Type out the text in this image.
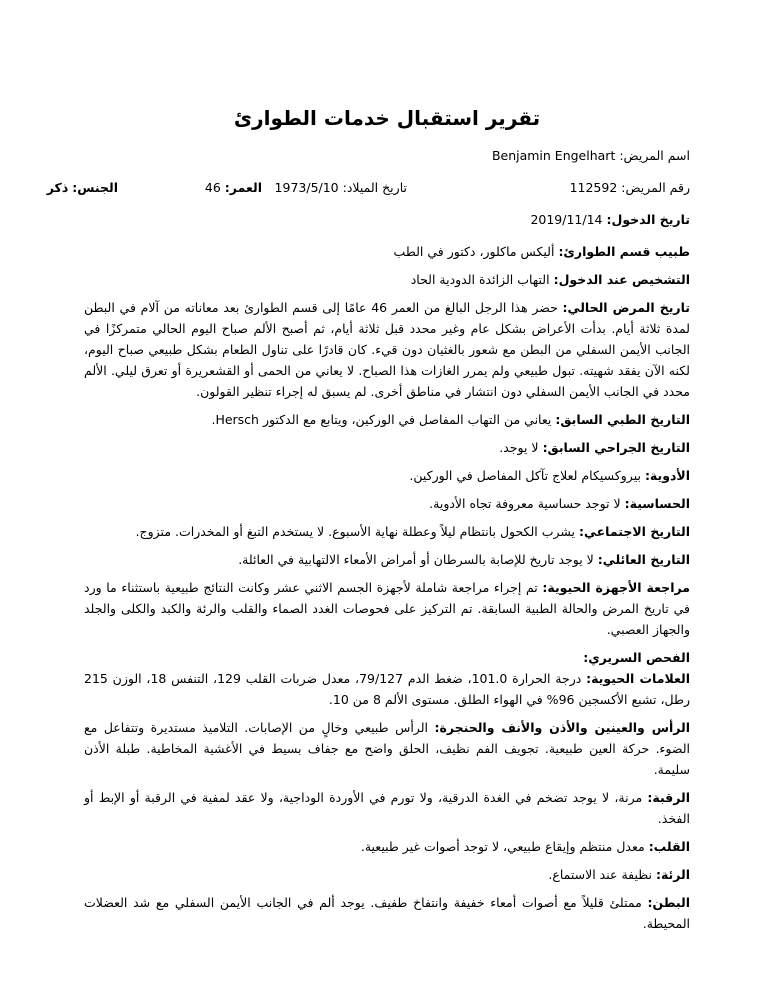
تقرير استقبال خدمات الطوارئ

اسم المريض: Benjamin Engelhart

رقم المريض: 112592
تاريخ الميلاد: 1973/5/10
العمر: 46
الجنس: ذكر

تاريخ الدخول: 2019/11/14

طبيب قسم الطوارئ: أليكس ماكلور، دكتور في الطب

التشخيص عند الدخول: التهاب الزائدة الدودية الحاد

تاريخ المرض الحالي: حضر هذا الرجل البالغ من العمر 46 عامًا إلى قسم الطوارئ بعد معاناته من آلام في البطن لمدة ثلاثة أيام. بدأت الأعراض بشكل عام وغير محدد قبل ثلاثة أيام، ثم أصبح الألم صباح اليوم الحالي متمركزًا في الجانب الأيمن السفلي من البطن مع شعور بالغثيان دون قيء. كان قادرًا على تناول الطعام بشكل طبيعي صباح اليوم، لكنه الآن يفقد شهيته. تبول طبيعي ولم يمرر الغازات هذا الصباح. لا يعاني من الحمى أو القشعريرة أو تعرق ليلي. الألم محدد في الجانب الأيمن السفلي دون انتشار في مناطق أخرى. لم يسبق له إجراء تنظير القولون.

التاريخ الطبي السابق: يعاني من التهاب المفاصل في الوركين، ويتابع مع الدكتور Hersch.

التاريخ الجراحي السابق: لا يوجد.

الأدوية: بيروكسيكام لعلاج تآكل المفاصل في الوركين.

الحساسية: لا توجد حساسية معروفة تجاه الأدوية.

التاريخ الاجتماعي: يشرب الكحول بانتظام ليلاً وعطلة نهاية الأسبوع. لا يستخدم التبغ أو المخدرات. متزوج.

التاريخ العائلي: لا يوجد تاريخ للإصابة بالسرطان أو أمراض الأمعاء الالتهابية في العائلة.

مراجعة الأجهزة الحيوية: تم إجراء مراجعة شاملة لأجهزة الجسم الاثني عشر وكانت النتائج طبيعية باستثناء ما ورد في تاريخ المرض والحالة الطبية السابقة. تم التركيز على فحوصات الغدد الصماء والقلب والرئة والكبد والكلى والجلد والجهاز العصبي.

الفحص السريري:

العلامات الحيوية: درجة الحرارة 101.0، ضغط الدم 79/127، معدل ضربات القلب 129، التنفس 18، الوزن 215 رطل، تشبع الأكسجين 96% في الهواء الطلق. مستوى الألم 8 من 10.

الرأس والعينين والأذن والأنف والحنجرة: الرأس طبيعي وخالٍ من الإصابات. التلاميذ مستديرة وتتفاعل مع الضوء. حركة العين طبيعية. تجويف الفم نظيف، الحلق واضح مع جفاف بسيط في الأغشية المخاطية. طبلة الأذن سليمة.

الرقبة: مرنة، لا يوجد تضخم في الغدة الدرقية، ولا تورم في الأوردة الوداجية، ولا عقد لمفية في الرقبة أو الإبط أو الفخذ.

القلب: معدل منتظم وإيقاع طبيعي، لا توجد أصوات غير طبيعية.

الرئة: نظيفة عند الاستماع.

البطن: ممتلئ قليلاً مع أصوات أمعاء خفيفة وانتفاخ طفيف. يوجد ألم في الجانب الأيمن السفلي مع شد العضلات المحيطة.
